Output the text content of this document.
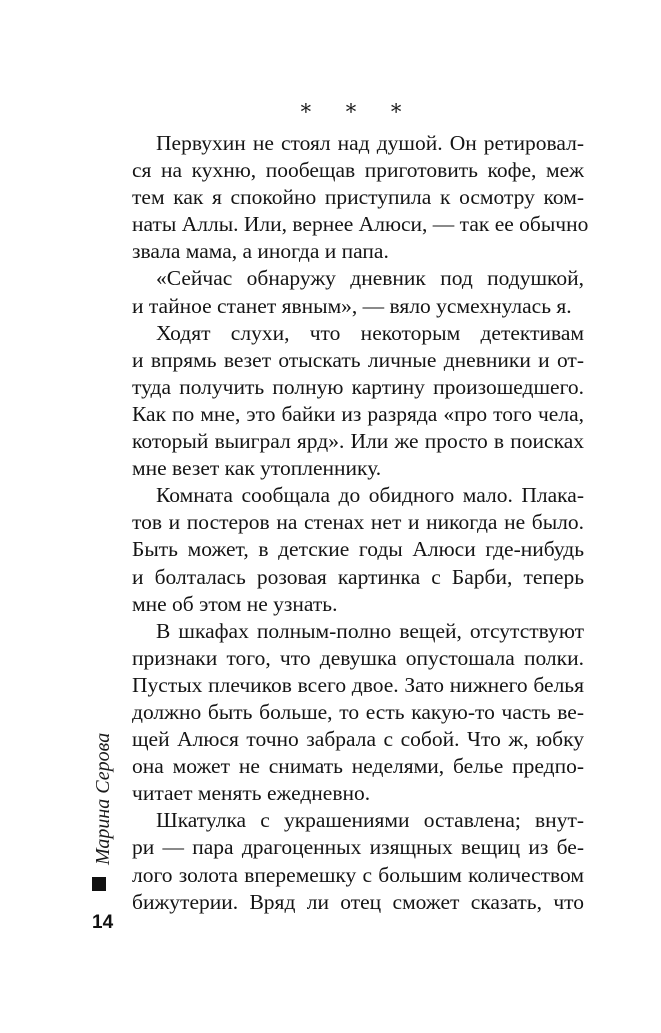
* * *
Первухин не стоял над душой. Он ретировал-
ся на кухню, пообещав приготовить кофе, меж
тем как я спокойно приступила к осмотру ком-
наты Аллы. Или, вернее Алюси, — так ее обычно
звала мама, а иногда и папа.
«Сейчас обнаружу дневник под подушкой,
и тайное станет явным», — вяло усмехнулась я.
Ходят слухи, что некоторым детективам
и впрямь везет отыскать личные дневники и от-
туда получить полную картину произошедшего.
Как по мне, это байки из разряда «про того чела,
который выиграл ярд». Или же просто в поисках
мне везет как утопленнику.
Комната сообщала до обидного мало. Плака-
тов и постеров на стенах нет и никогда не было.
Быть может, в детские годы Алюси где-нибудь
и болталась розовая картинка с Барби, теперь
мне об этом не узнать.
В шкафах полным-полно вещей, отсутствуют
признаки того, что девушка опустошала полки.
Пустых плечиков всего двое. Зато нижнего белья
должно быть больше, то есть какую-то часть ве-
щей Алюся точно забрала с собой. Что ж, юбку
она может не снимать неделями, белье предпо-
читает менять ежедневно.
Шкатулка с украшениями оставлена; внут-
ри — пара драгоценных изящных вещиц из бе-
лого золота вперемешку с большим количеством
бижутерии. Вряд ли отец сможет сказать, что
Марина Серова
14
